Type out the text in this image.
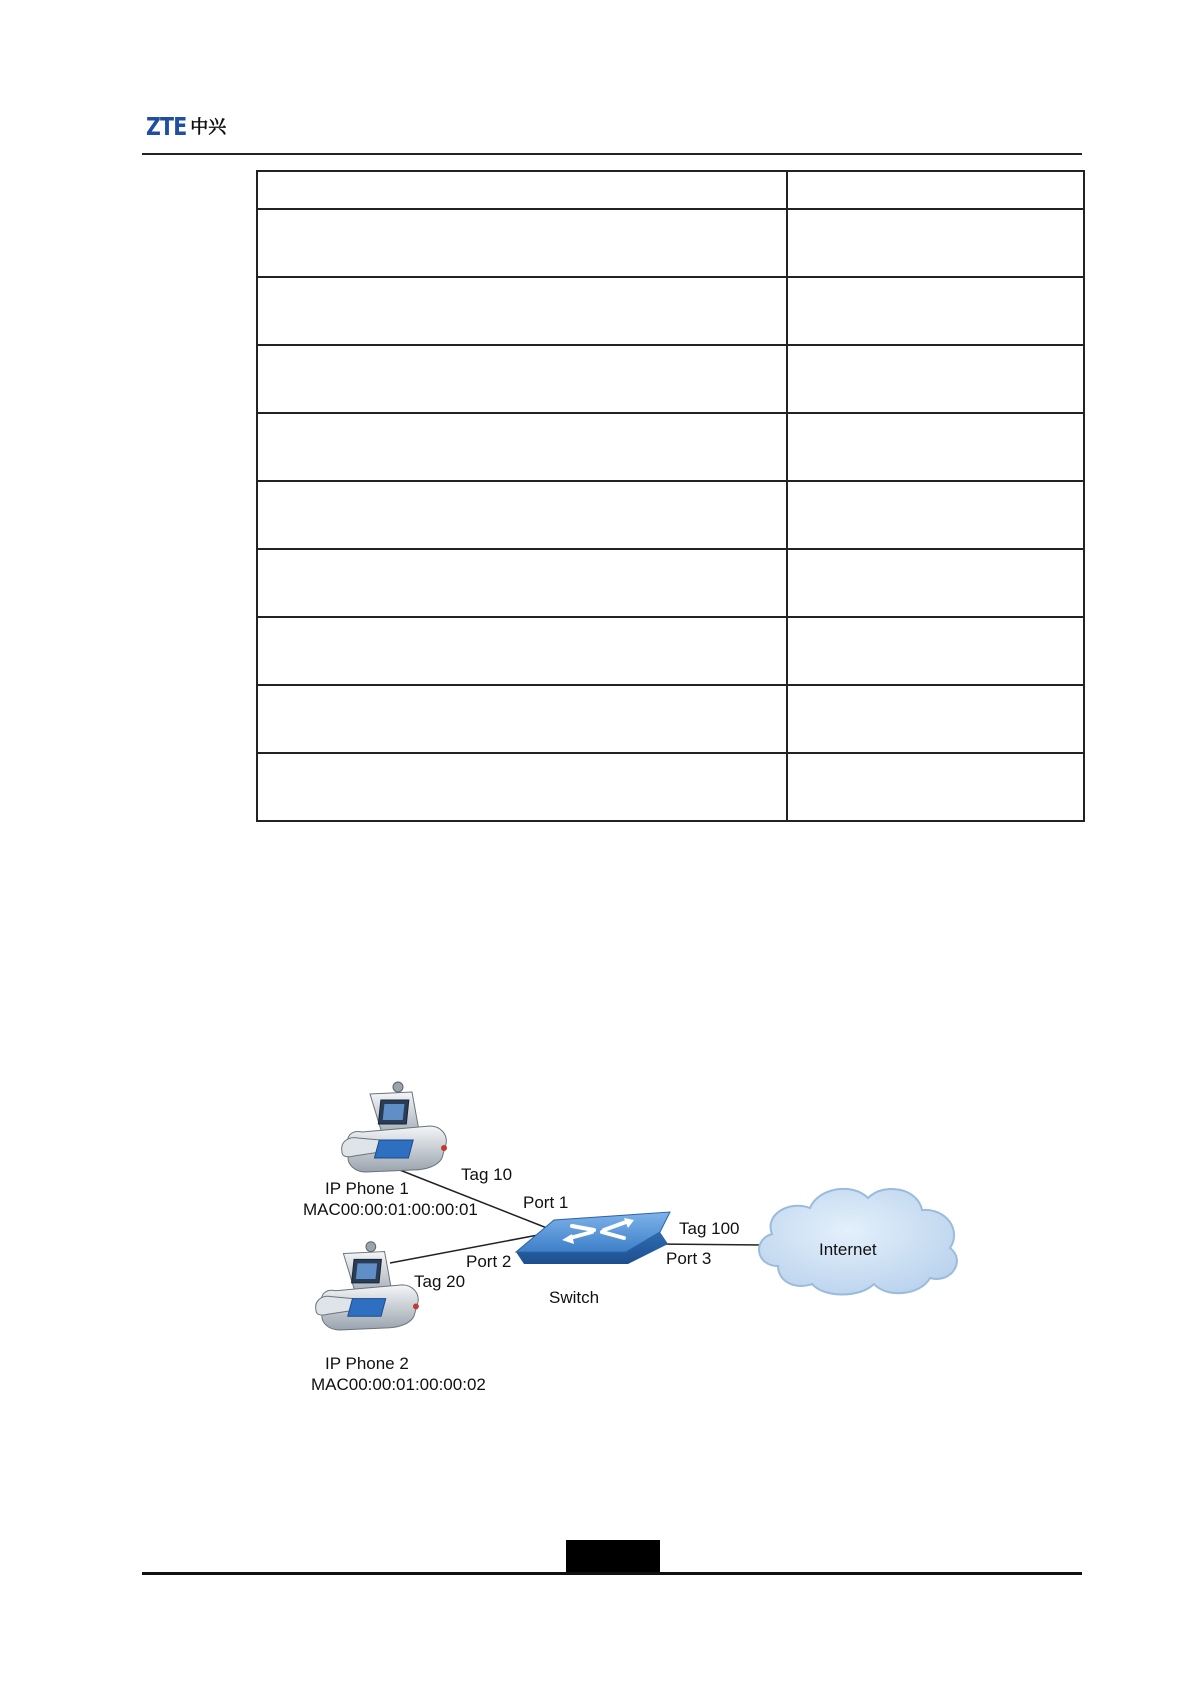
ZTE 中兴

Tag 10
IP Phone 1
MAC00:00:01:00:00:01	Port 1
Tag 100
Internet
Port 2	Port 3
Tag 20
Switch
IP Phone 2
MAC00:00:01:00:00:02
